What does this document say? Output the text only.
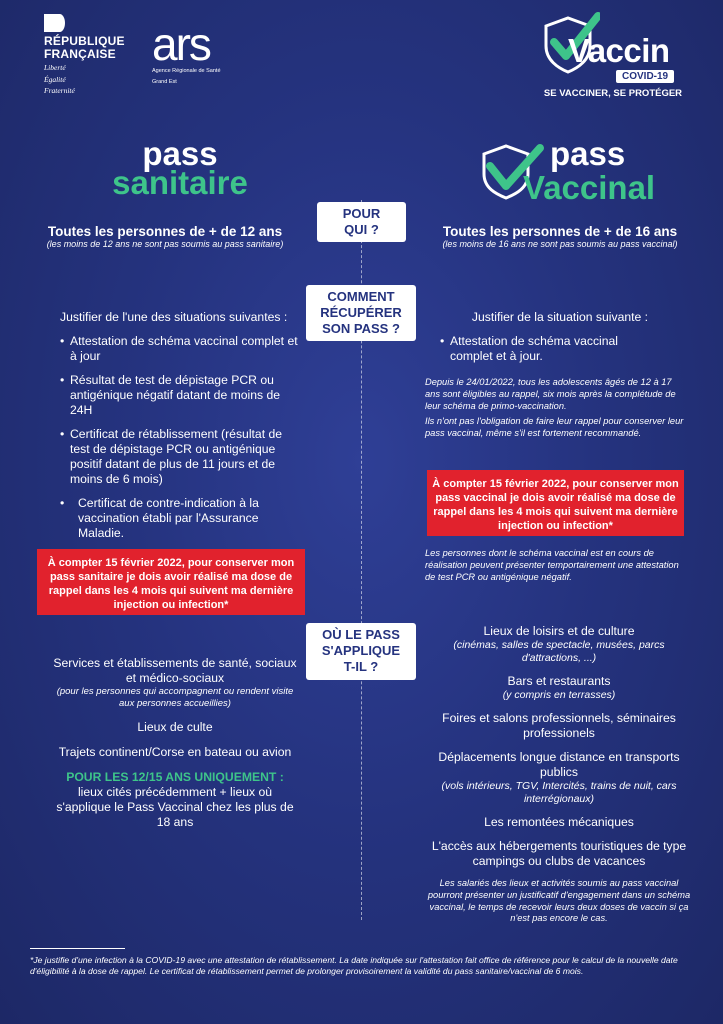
RÉPUBLIQUE
FRANÇAISE
Liberté
Égalité
Fraternité
ars
Agence Régionale de Santé
Grand Est
Vaccin
COVID-19
SE VACCINER, SE PROTÉGER
pass
sanitaire
pass
Vaccinal
POUR
QUI ?
COMMENT
RÉCUPÉRER
SON PASS ?
OÙ LE PASS
S'APPLIQUE
T-IL ?
Toutes les personnes de + de 12 ans
(les moins de 12 ans ne sont pas soumis au pass sanitaire)
Justifier de l'une des situations suivantes :
• Attestation de schéma vaccinal complet et à jour
• Résultat de test de dépistage PCR ou antigénique négatif datant de moins de 24H
• Certificat de rétablissement (résultat de test de dépistage PCR ou antigénique positif datant de plus de 11 jours et de moins de 6 mois)
• Certificat de contre-indication à la vaccination établi par l'Assurance Maladie.
À compter 15 février 2022, pour conserver mon pass sanitaire je dois avoir réalisé ma dose de rappel dans les 4 mois qui suivent ma dernière injection ou infection*
Services et établissements de santé, sociaux et médico-sociaux
(pour les personnes qui accompagnent ou rendent visite aux personnes accueillies)
Lieux de culte
Trajets continent/Corse en bateau ou avion
POUR LES 12/15 ANS UNIQUEMENT :
lieux cités précédemment + lieux où s'applique le Pass Vaccinal chez les plus de 18 ans
Toutes les personnes de + de 16 ans
(les moins de 16 ans ne sont pas soumis au pass vaccinal)
Justifier de la situation suivante :
• Attestation de schéma vaccinal complet et à jour.
Depuis le 24/01/2022, tous les adolescents âgés de 12 à 17 ans sont éligibles au rappel, six mois après la complétude de leur schéma de primo-vaccination.
Ils n'ont pas l'obligation de faire leur rappel pour conserver leur pass vaccinal, même s'il est fortement recommandé.
À compter 15 février 2022, pour conserver mon pass vaccinal je dois avoir réalisé ma dose de rappel dans les 4 mois qui suivent ma dernière injection ou infection*
Les personnes dont le schéma vaccinal est en cours de réalisation peuvent présenter temportairement une attestation de test PCR ou antigénique négatif.
Lieux de loisirs et de culture

(cinémas, salles de spectacle, musées, parcs d'attractions, ...)

Bars et restaurants

(y compris en terrasses)

Foires et salons professionnels, séminaires professionels

Déplacements longue distance en transports publics

(vols intérieurs, TGV, Intercités, trains de nuit, cars interrégionaux)

Les remontées mécaniques

L'accès aux hébergements touristiques de type campings ou clubs de vacances

Les salariés des lieux et activités soumis au pass vaccinal pourront présenter un justificatif d'engagement dans un schéma vaccinal, le temps de recevoir leurs deux doses de vaccin si ça n'est pas encore le cas.
*Je justifie d'une infection à la COVID-19 avec une attestation de rétablissement. La date indiquée sur l'attestation fait office de référence pour le calcul de la nouvelle date d'éligibilité à la dose de rappel. Le certificat de rétablissement permet de prolonger provisoirement la validité du pass sanitaire/vaccinal de 6 mois.
